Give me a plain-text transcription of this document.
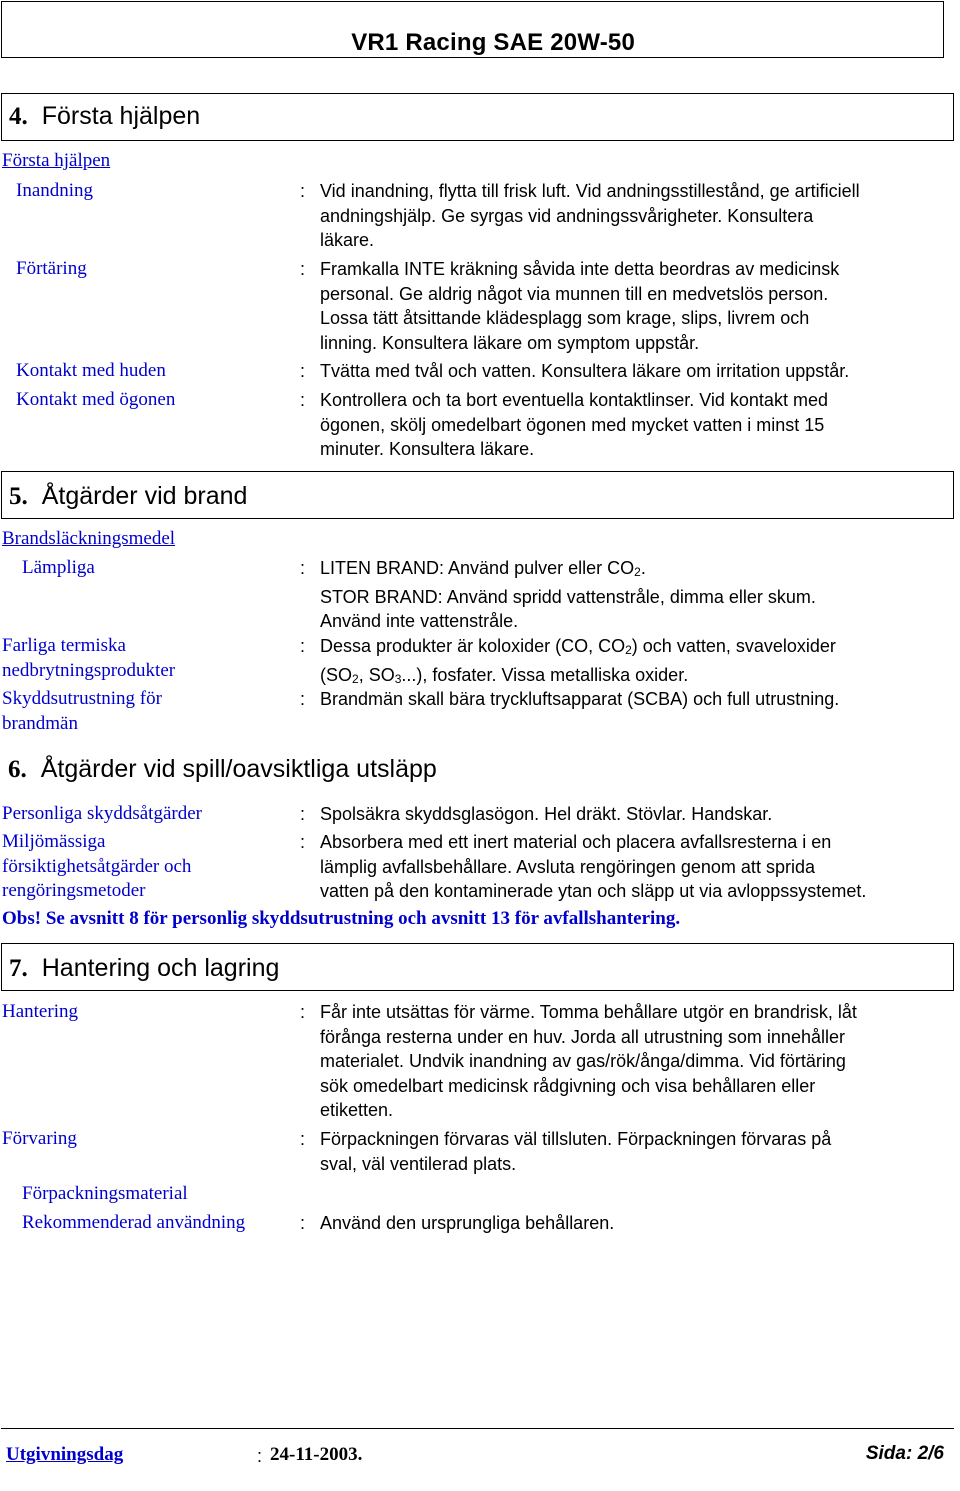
VR1 Racing SAE 20W-50
4. Första hjälpen
Första hjälpen
Inandning	: Vid inandning, flytta till frisk luft. Vid andningsstillestånd, ge artificiell
andningshjälp. Ge syrgas vid andningssvårigheter. Konsultera
läkare.
Förtäring	: Framkalla INTE kräkning såvida inte detta beordras av medicinsk
personal. Ge aldrig något via munnen till en medvetslös person.
Lossa tätt åtsittande klädesplagg som krage, slips, livrem och
linning. Konsultera läkare om symptom uppstår.
Kontakt med huden	: Tvätta med tvål och vatten. Konsultera läkare om irritation uppstår.
Kontakt med ögonen	: Kontrollera och ta bort eventuella kontaktlinser. Vid kontakt med
ögonen, skölj omedelbart ögonen med mycket vatten i minst 15
minuter. Konsultera läkare.
5. Åtgärder vid brand
Brandsläckningsmedel
Lämpliga	: LITEN BRAND: Använd pulver eller $CO_2$.
STOR BRAND: Använd spridd vattenstråle, dimma eller skum.
Använd inte vattenstråle.
Farliga termiska
nedbrytningsprodukter
: Dessa produkter är koloxider (CO, $CO_2$) och vatten, svaveloxider
($SO_2$, $SO_3$...), fosfater. Vissa metalliska oxider.
Skyddsutrustning för
brandmän
: Brandmän skall bära tryckluftsapparat (SCBA) och full utrustning.
6. Åtgärder vid spill/oavsiktliga utsläpp
Personliga skyddsåtgärder	: Spolsäkra skyddsglasögon. Hel dräkt. Stövlar. Handskar.
Miljömässiga
försiktighetsåtgärder och
rengöringsmetoder
: Absorbera med ett inert material och placera avfallsresterna i en
lämplig avfallsbehållare. Avsluta rengöringen genom att sprida
vatten på den kontaminerade ytan och släpp ut via avloppssystemet.
Obs! Se avsnitt 8 för personlig skyddsutrustning och avsnitt 13 för avfallshantering.
7. Hantering och lagring
Hantering	: Får inte utsättas för värme. Tomma behållare utgör en brandrisk, låt
förånga resterna under en huv. Jorda all utrustning som innehåller
materialet. Undvik inandning av gas/rök/ånga/dimma. Vid förtäring
sök omedelbart medicinsk rådgivning och visa behållaren eller
etiketten.
Förvaring	: Förpackningen förvaras väl tillsluten. Förpackningen förvaras på
sval, väl ventilerad plats.
Förpackningsmaterial
Rekommenderad användning	: Använd den ursprungliga behållaren.
Utgivningsdag	: 24-11-2003.	Sida: 2/6
